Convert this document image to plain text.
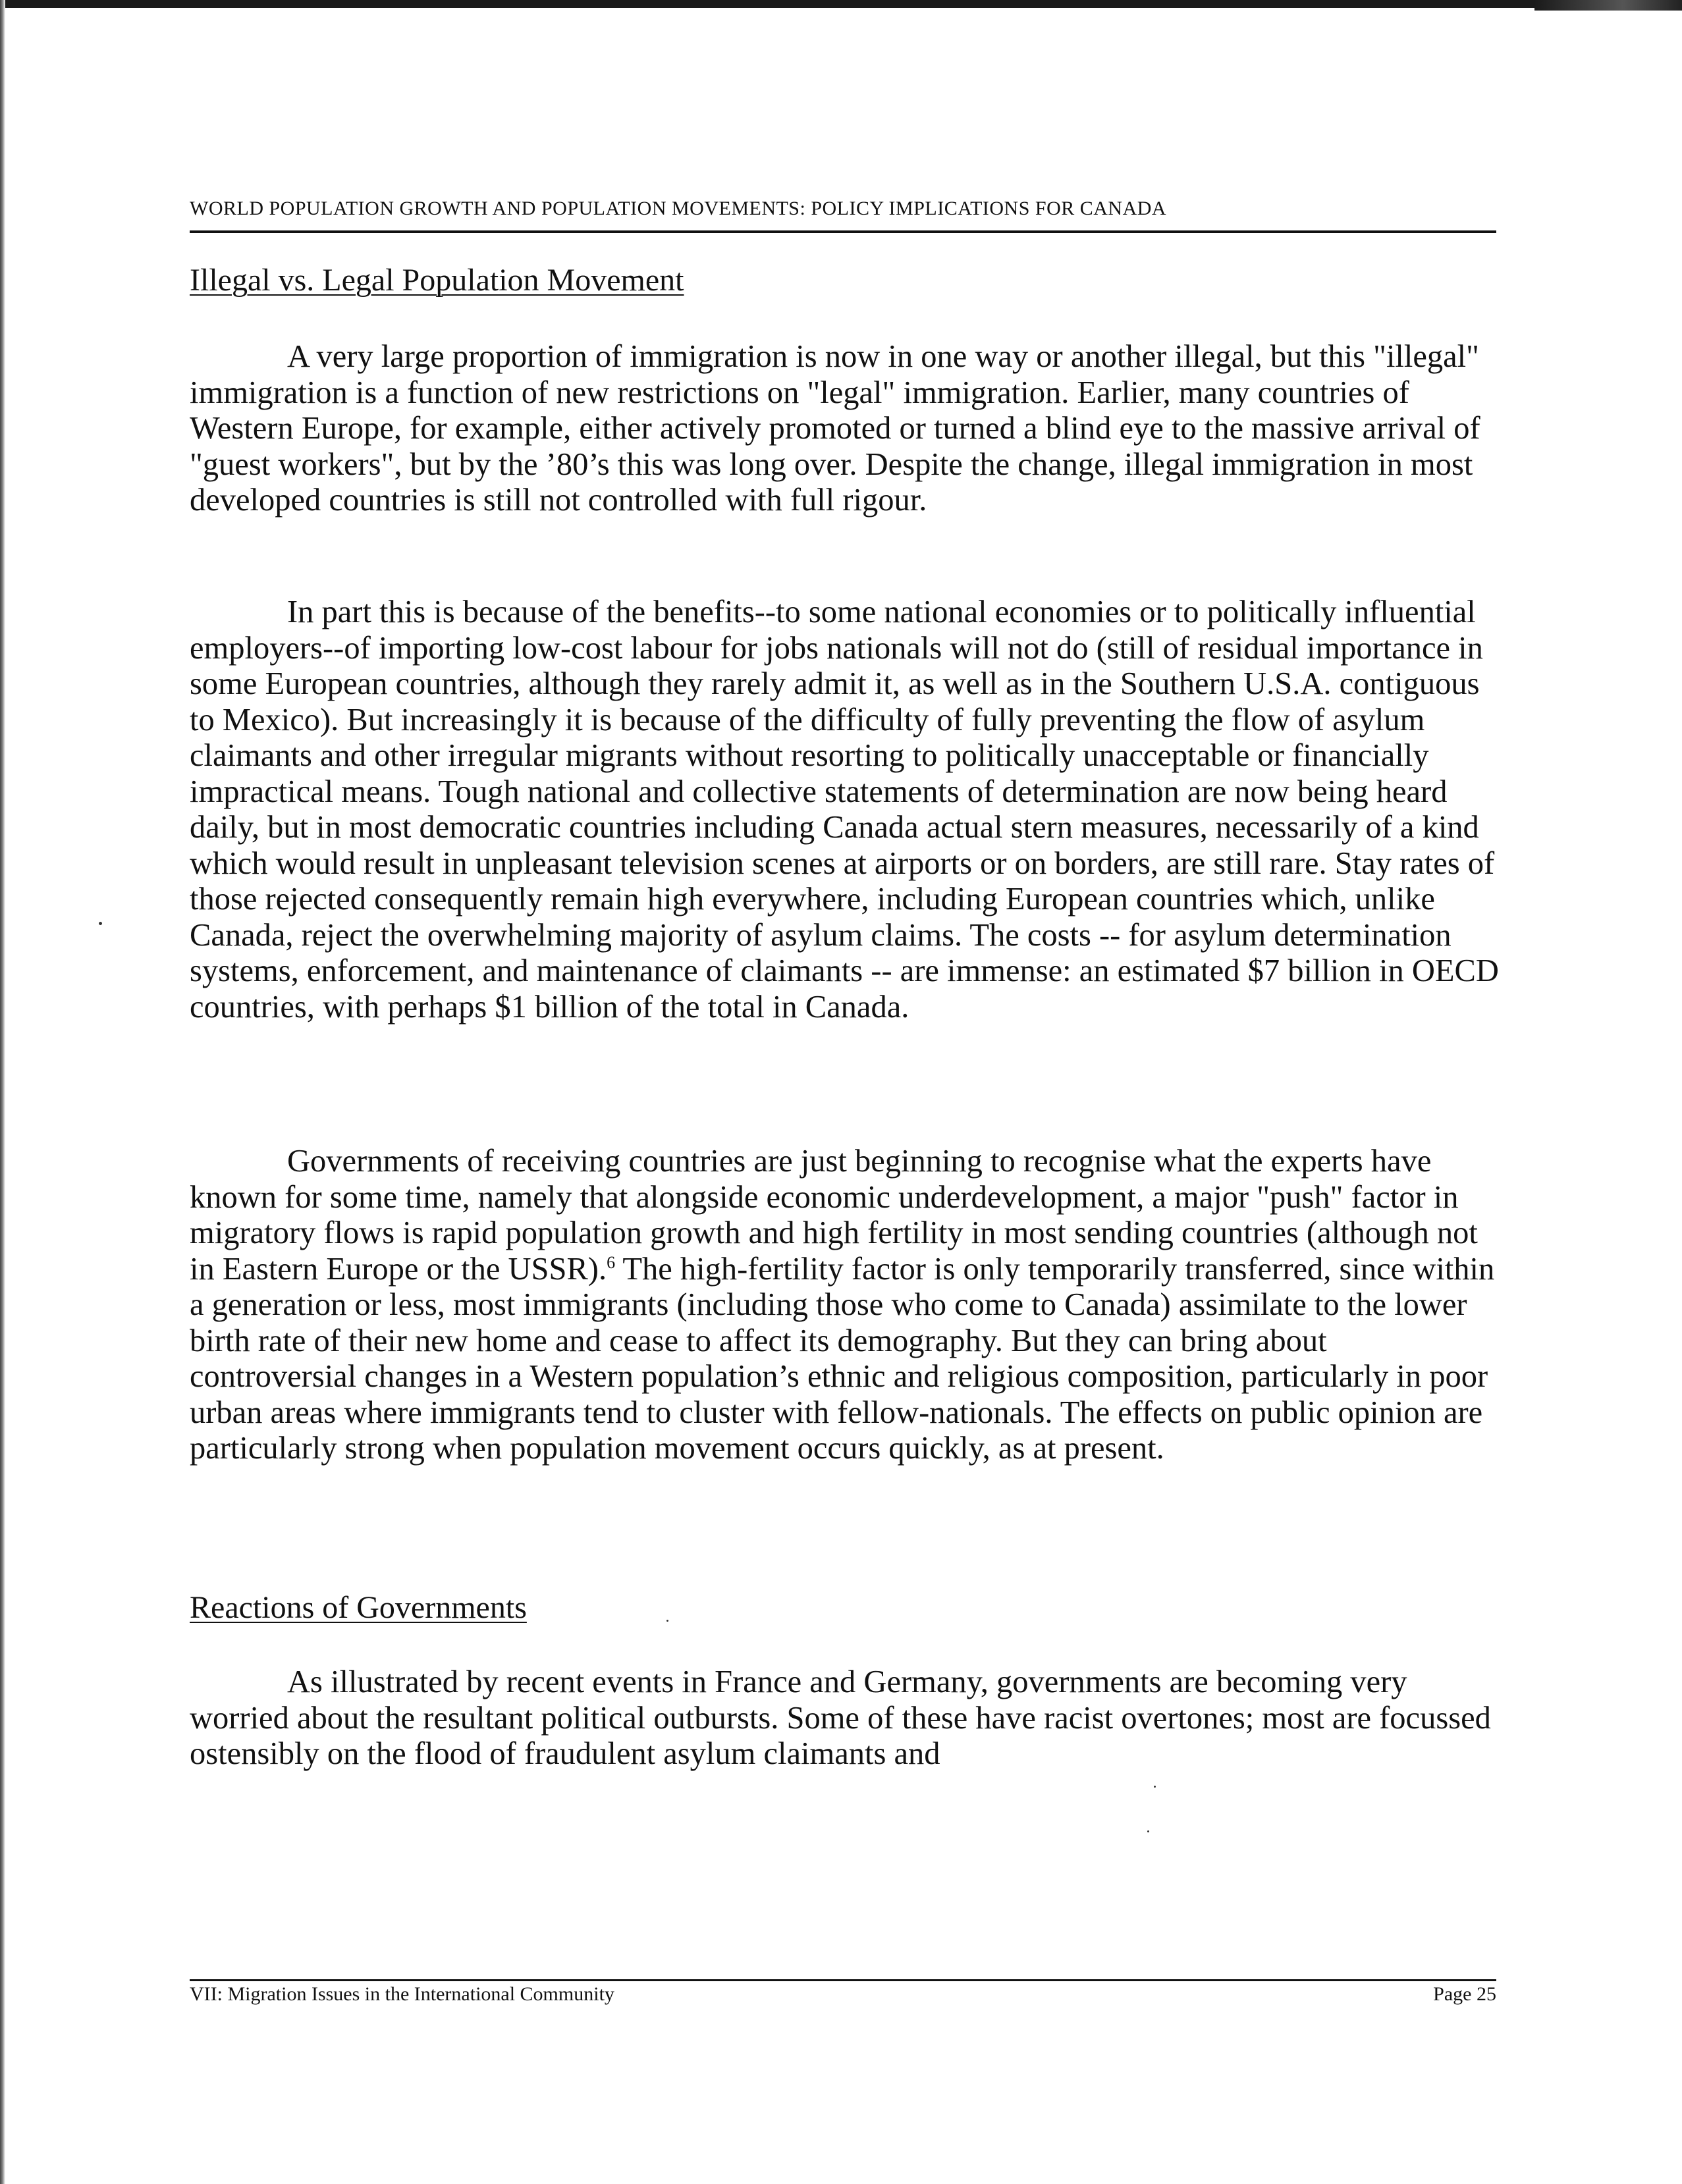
WORLD POPULATION GROWTH AND POPULATION MOVEMENTS: POLICY IMPLICATIONS FOR CANADA
Illegal vs. Legal Population Movement

A very large proportion of immigration is now in one way or another illegal, but this "illegal" immigration is a function of new restrictions on "legal" immigration. Earlier, many countries of Western Europe, for example, either actively promoted or turned a blind eye to the massive arrival of "guest workers", but by the ’80’s this was long over. Despite the change, illegal immigration in most developed countries is still not controlled with full rigour.

In part this is because of the benefits--to some national economies or to politically influential employers--of importing low-cost labour for jobs nationals will not do (still of residual importance in some European countries, although they rarely admit it, as well as in the Southern U.S.A. contiguous to Mexico). But increasingly it is because of the difficulty of fully preventing the flow of asylum claimants and other irregular migrants without resorting to politically unacceptable or financially impractical means. Tough national and collective statements of determination are now being heard daily, but in most democratic countries including Canada actual stern measures, necessarily of a kind which would result in unpleasant television scenes at airports or on borders, are still rare. Stay rates of those rejected consequently remain high everywhere, including European countries which, unlike Canada, reject the overwhelming majority of asylum claims. The costs -- for asylum determination systems, enforcement, and maintenance of claimants -- are immense: an estimated $7 billion in OECD countries, with perhaps $1 billion of the total in Canada.

Governments of receiving countries are just beginning to recognise what the experts have known for some time, namely that alongside economic underdevelopment, a major "push" factor in migratory flows is rapid population growth and high fertility in most sending countries (although not in Eastern Europe or the USSR).$^6$ The high-fertility factor is only temporarily transferred, since within a generation or less, most immigrants (including those who come to Canada) assimilate to the lower birth rate of their new home and cease to affect its demography. But they can bring about controversial changes in a Western population’s ethnic and religious composition, particularly in poor urban areas where immigrants tend to cluster with fellow-nationals. The effects on public opinion are particularly strong when population movement occurs quickly, as at present.

Reactions of Governments

As illustrated by recent events in France and Germany, governments are becoming very worried about the resultant political outbursts. Some of these have racist overtones; most are focussed ostensibly on the flood of fraudulent asylum claimants and

VII: Migration Issues in the International Community	Page 25
